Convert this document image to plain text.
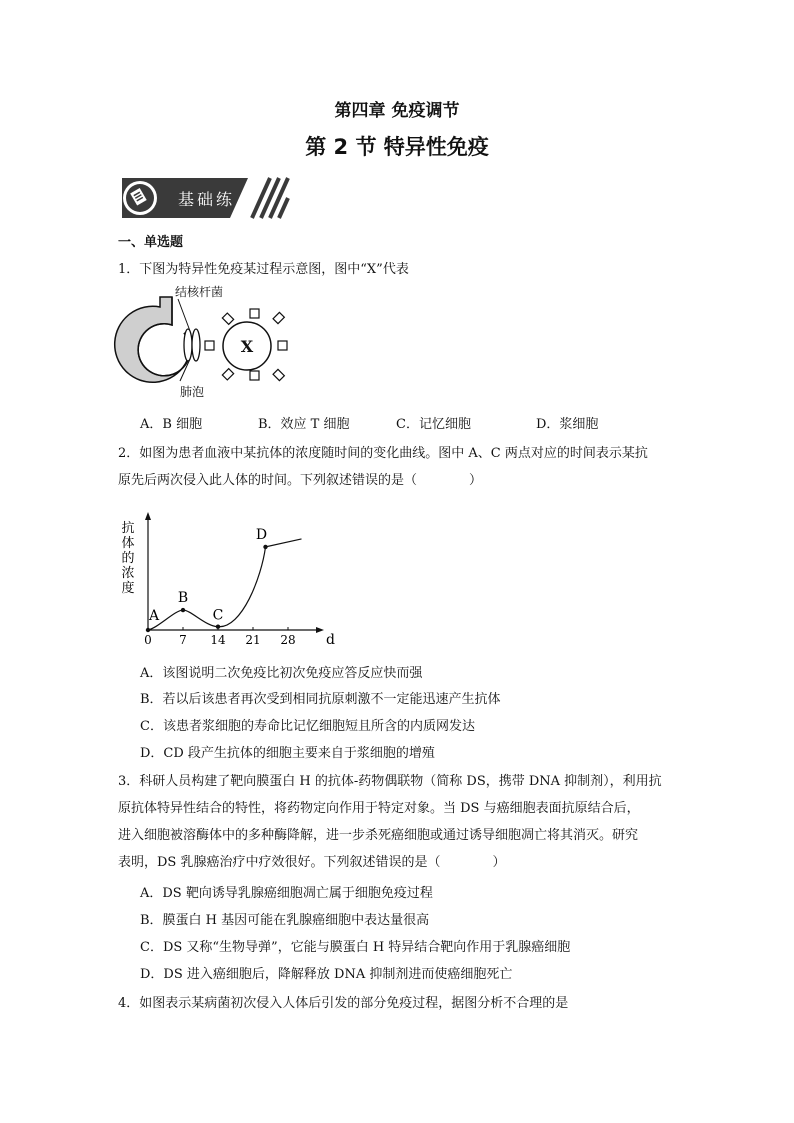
第四章 免疫调节
第 2 节 特异性免疫
基础练
一、单选题
1．下图为特异性免疫某过程示意图，图中“X”代表
结核杆菌
肺泡
X
A．B 细胞	B．效应 T 细胞	C．记忆细胞	D．浆细胞
2．如图为患者血液中某抗体的浓度随时间的变化曲线。图中 A、C 两点对应的时间表示某抗
原先后两次侵入此人体的时间。下列叙述错误的是（　　　　）
抗
体
的
浓
度
d
0 7 14 21 28
A
B
C
D
A．该图说明二次免疫比初次免疫应答反应快而强
B．若以后该患者再次受到相同抗原刺激不一定能迅速产生抗体
C．该患者浆细胞的寿命比记忆细胞短且所含的内质网发达
D．CD 段产生抗体的细胞主要来自于浆细胞的增殖
3．科研人员构建了靶向膜蛋白 H 的抗体-药物偶联物（简称 DS，携带 DNA 抑制剂），利用抗
原抗体特异性结合的特性，将药物定向作用于特定对象。当 DS 与癌细胞表面抗原结合后，
进入细胞被溶酶体中的多种酶降解，进一步杀死癌细胞或通过诱导细胞凋亡将其消灭。研究
表明，DS 乳腺癌治疗中疗效很好。下列叙述错误的是（　　　　）
A．DS 靶向诱导乳腺癌细胞凋亡属于细胞免疫过程
B．膜蛋白 H 基因可能在乳腺癌细胞中表达量很高
C．DS 又称“生物导弹”，它能与膜蛋白 H 特异结合靶向作用于乳腺癌细胞
D．DS 进入癌细胞后，降解释放 DNA 抑制剂进而使癌细胞死亡
4．如图表示某病菌初次侵入人体后引发的部分免疫过程，据图分析不合理的是
